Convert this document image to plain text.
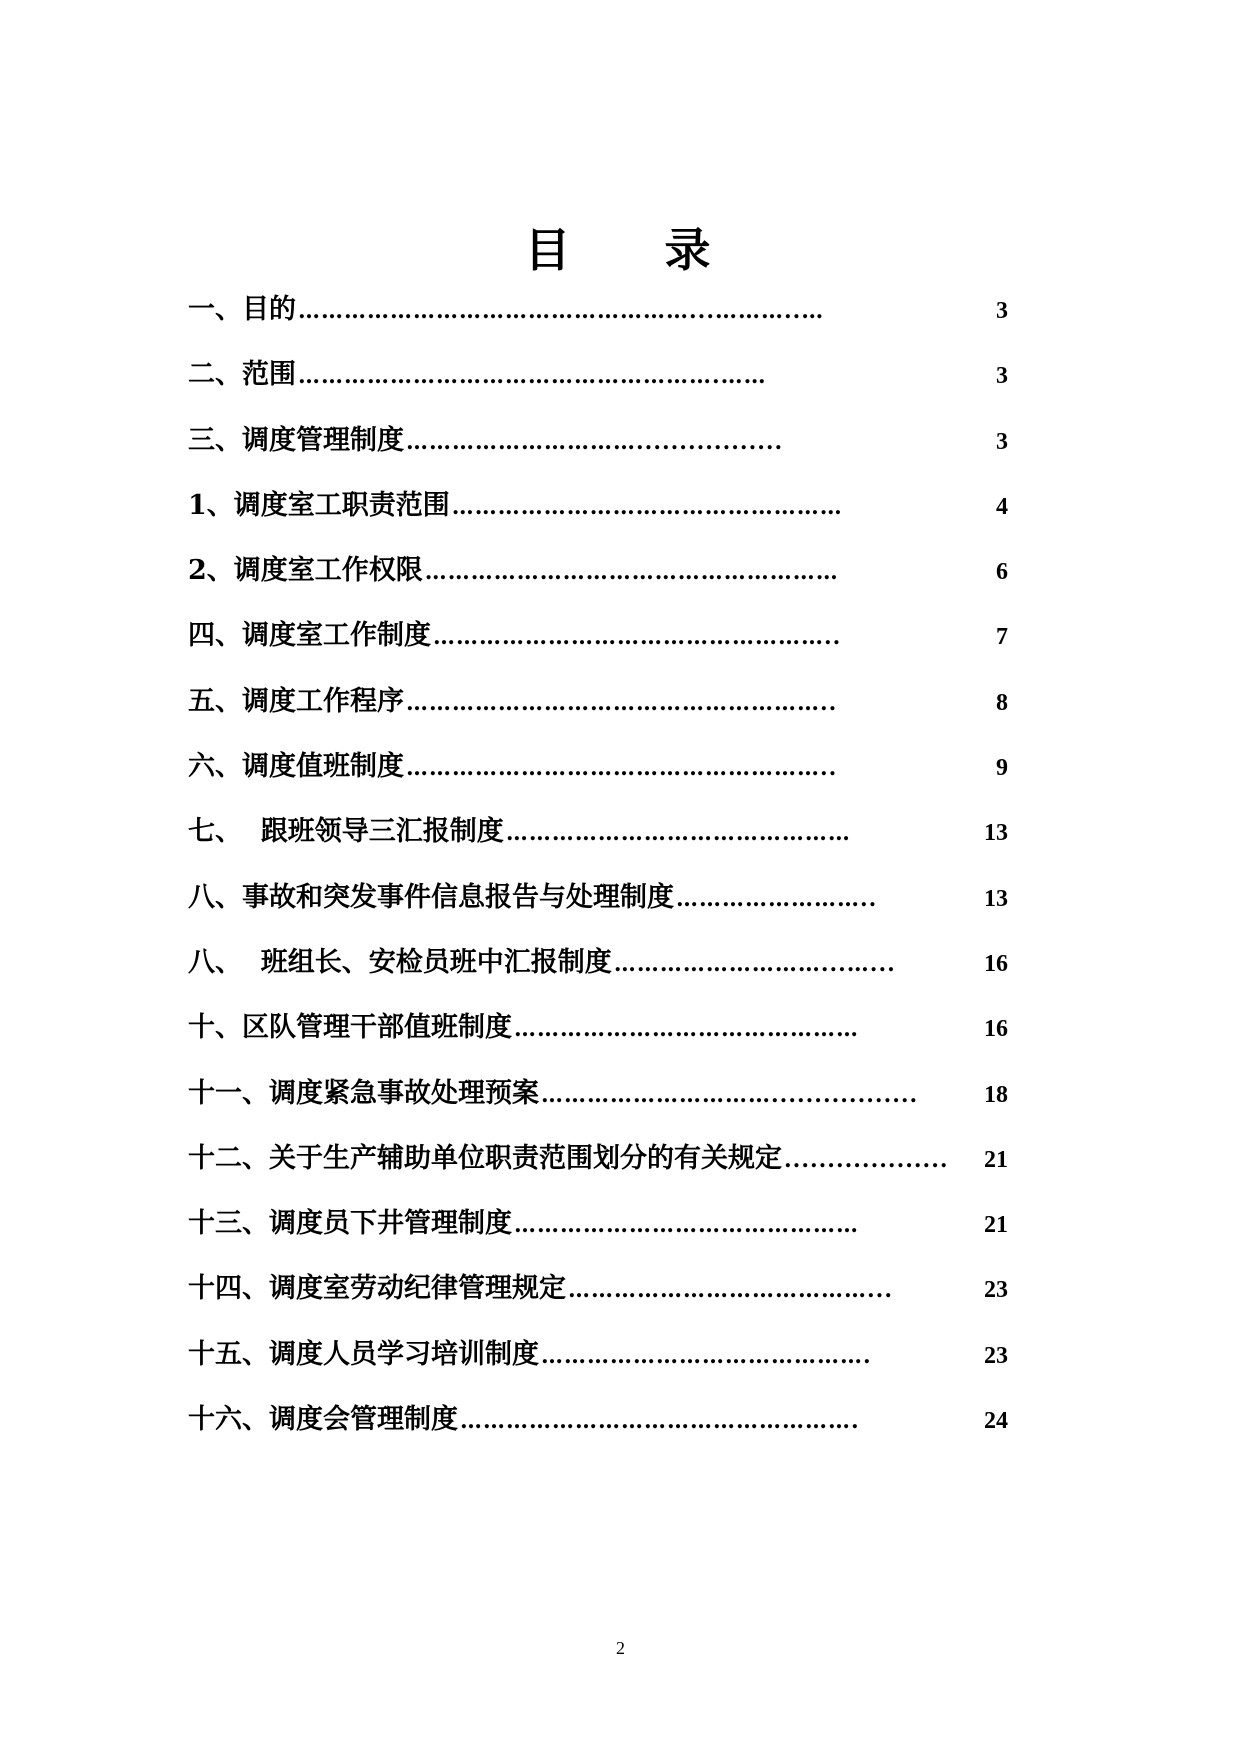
目    录
一、目的 ……………………………………………...………..…	3
二、范围 ……………………………………………….……	3
三、调度管理制度 ………………………….................	3
1、调度室工职责范围 ……………………………………………	4
2、调度室工作权限 ………………………………………………	6
四、调度室工作制度 ……………………………………………..	7
五、调度工作程序 ………………………………………………..	8
六、调度值班制度 ………………………………………………..	9
七、  跟班领导三汇报制度 ………………………………………	13
八、事故和突发事件信息报告与处理制度 ……………………..	13
八、  班组长、安检员班中汇报制度 ………………………...…...	16
十、区队管理干部值班制度 ………………………………………	16
十一、调度紧急事故处理预案 ………………………….................	18
十二、关于生产辅助单位职责范围划分的有关规定 ...................	21
十三、调度员下井管理制度 ………………………………………	21
十四、调度室劳动纪律管理规定 …………………………………...	23
十五、调度人员学习培训制度 …………………………………….	23
十六、调度会管理制度 …………………………………………….	24
2
